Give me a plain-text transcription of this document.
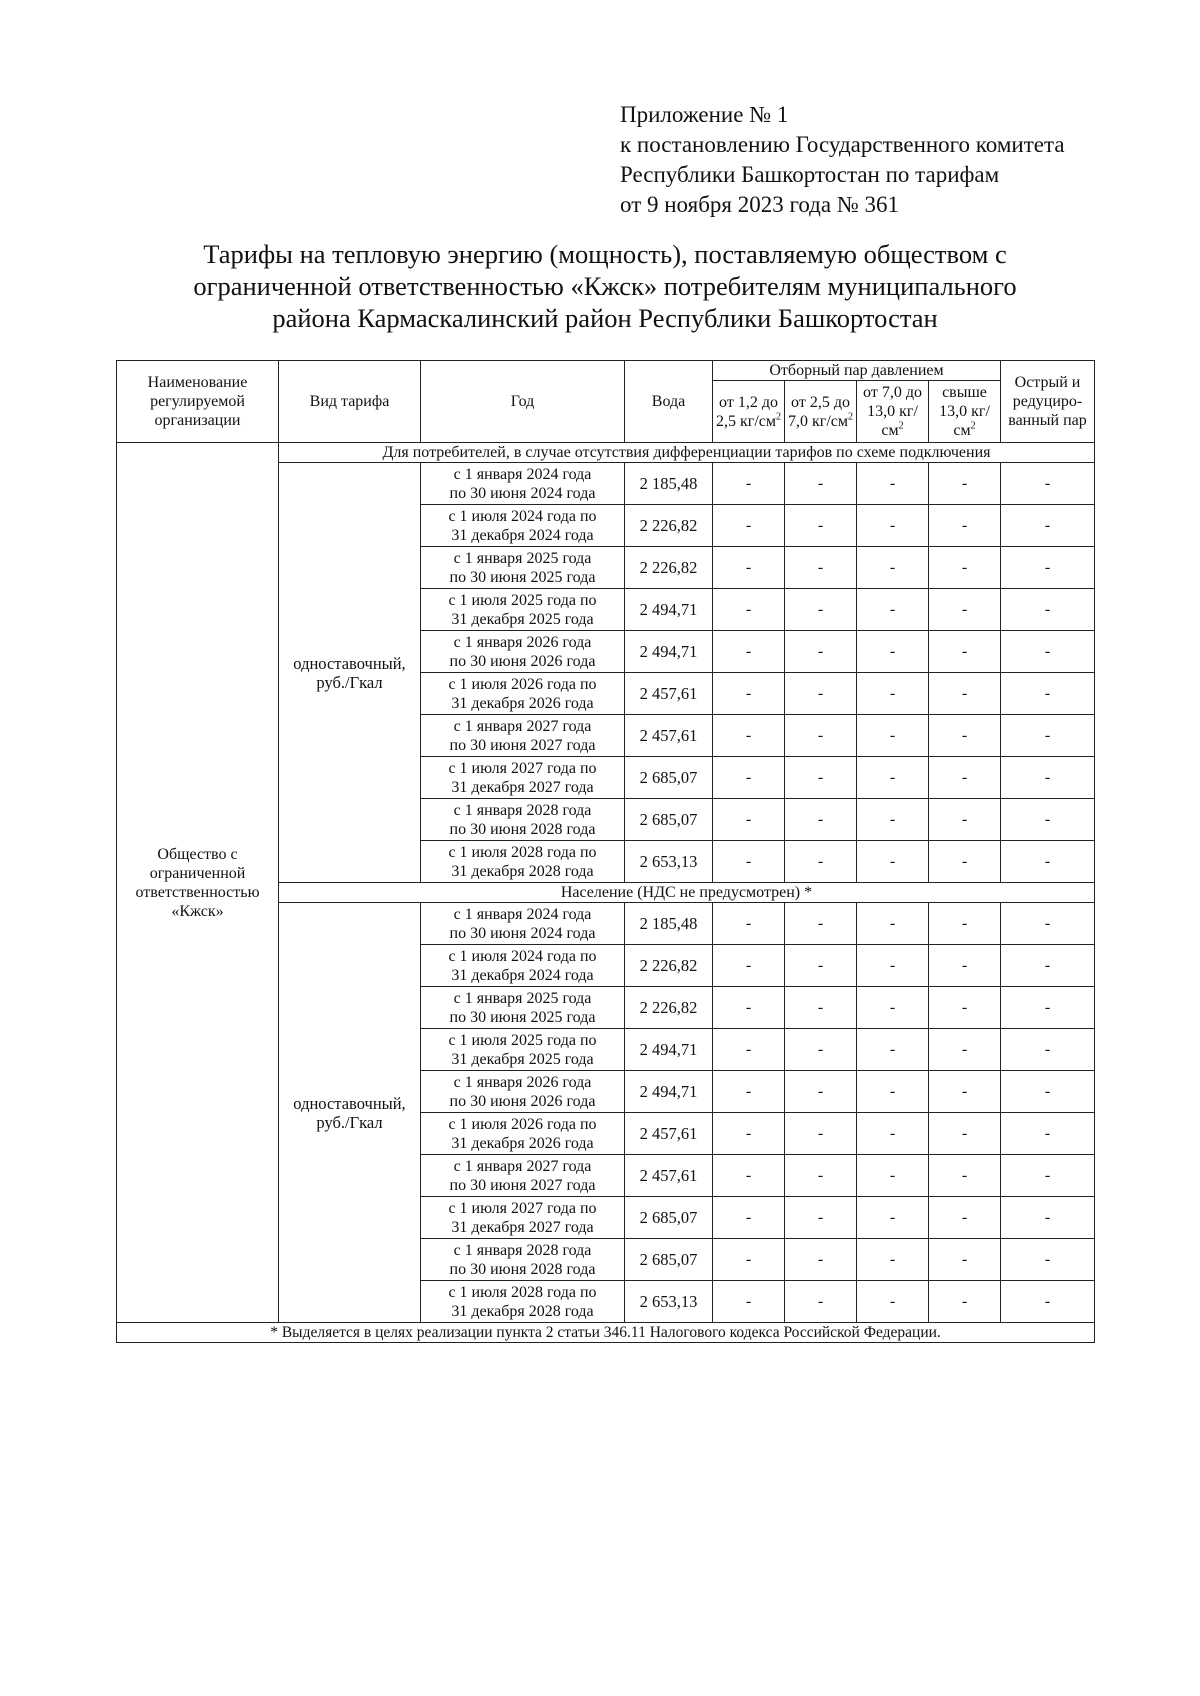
Приложение № 1
к постановлению Государственного комитета
Республики Башкортостан по тарифам
от 9 ноября 2023 года № 361
Тарифы на тепловую энергию (мощность), поставляемую обществом с
ограниченной ответственностью «Кжск» потребителям муниципального
района Кармаскалинский район Республики Башкортостан
Наименование регулируемой организации	Вид тарифа	Год	Вода	Отборный пар давлением				Острый и редуциро-ванный пар
				от 1,2 до 2,5 $кг/см^2$	от 2,5 до 7,0 $кг/см^2$	от 7,0 до 13,0 $кг/см^2$	свыше 13,0 $кг/см^2$
Общество с ограниченной ответственностью «Кжск»	Для потребителей, в случае отсутствия дифференциации тарифов по схеме подключения							
	одноставочный, руб./Гкал	с 1 января 2024 года
по 30 июня 2024 года	2 185,48	-	-	-	-	-

		с 1 июля 2024 года по
31 декабря 2024 года	2 226,82	-	-	-	-	-

		с 1 января 2025 года
по 30 июня 2025 года	2 226,82	-	-	-	-	-

		с 1 июля 2025 года по
31 декабря 2025 года	2 494,71	-	-	-	-	-

		с 1 января 2026 года
по 30 июня 2026 года	2 494,71	-	-	-	-	-

		с 1 июля 2026 года по
31 декабря 2026 года	2 457,61	-	-	-	-	-

		с 1 января 2027 года
по 30 июня 2027 года	2 457,61	-	-	-	-	-

		с 1 июля 2027 года по
31 декабря 2027 года	2 685,07	-	-	-	-	-

		с 1 января 2028 года
по 30 июня 2028 года	2 685,07	-	-	-	-	-

		с 1 июля 2028 года по
31 декабря 2028 года	2 653,13	-	-	-	-	-
	Население (НДС не предусмотрен) *							
	одноставочный, руб./Гкал	с 1 января 2024 года
по 30 июня 2024 года	2 185,48	-	-	-	-	-

		с 1 июля 2024 года по
31 декабря 2024 года	2 226,82	-	-	-	-	-

		с 1 января 2025 года
по 30 июня 2025 года	2 226,82	-	-	-	-	-

		с 1 июля 2025 года по
31 декабря 2025 года	2 494,71	-	-	-	-	-

		с 1 января 2026 года
по 30 июня 2026 года	2 494,71	-	-	-	-	-

		с 1 июля 2026 года по
31 декабря 2026 года	2 457,61	-	-	-	-	-

		с 1 января 2027 года
по 30 июня 2027 года	2 457,61	-	-	-	-	-

		с 1 июля 2027 года по
31 декабря 2027 года	2 685,07	-	-	-	-	-

		с 1 января 2028 года
по 30 июня 2028 года	2 685,07	-	-	-	-	-

		с 1 июля 2028 года по
31 декабря 2028 года	2 653,13	-	-	-	-	-
* Выделяется в целях реализации пункта 2 статьи 346.11 Налогового кодекса Российской Федерации.								
